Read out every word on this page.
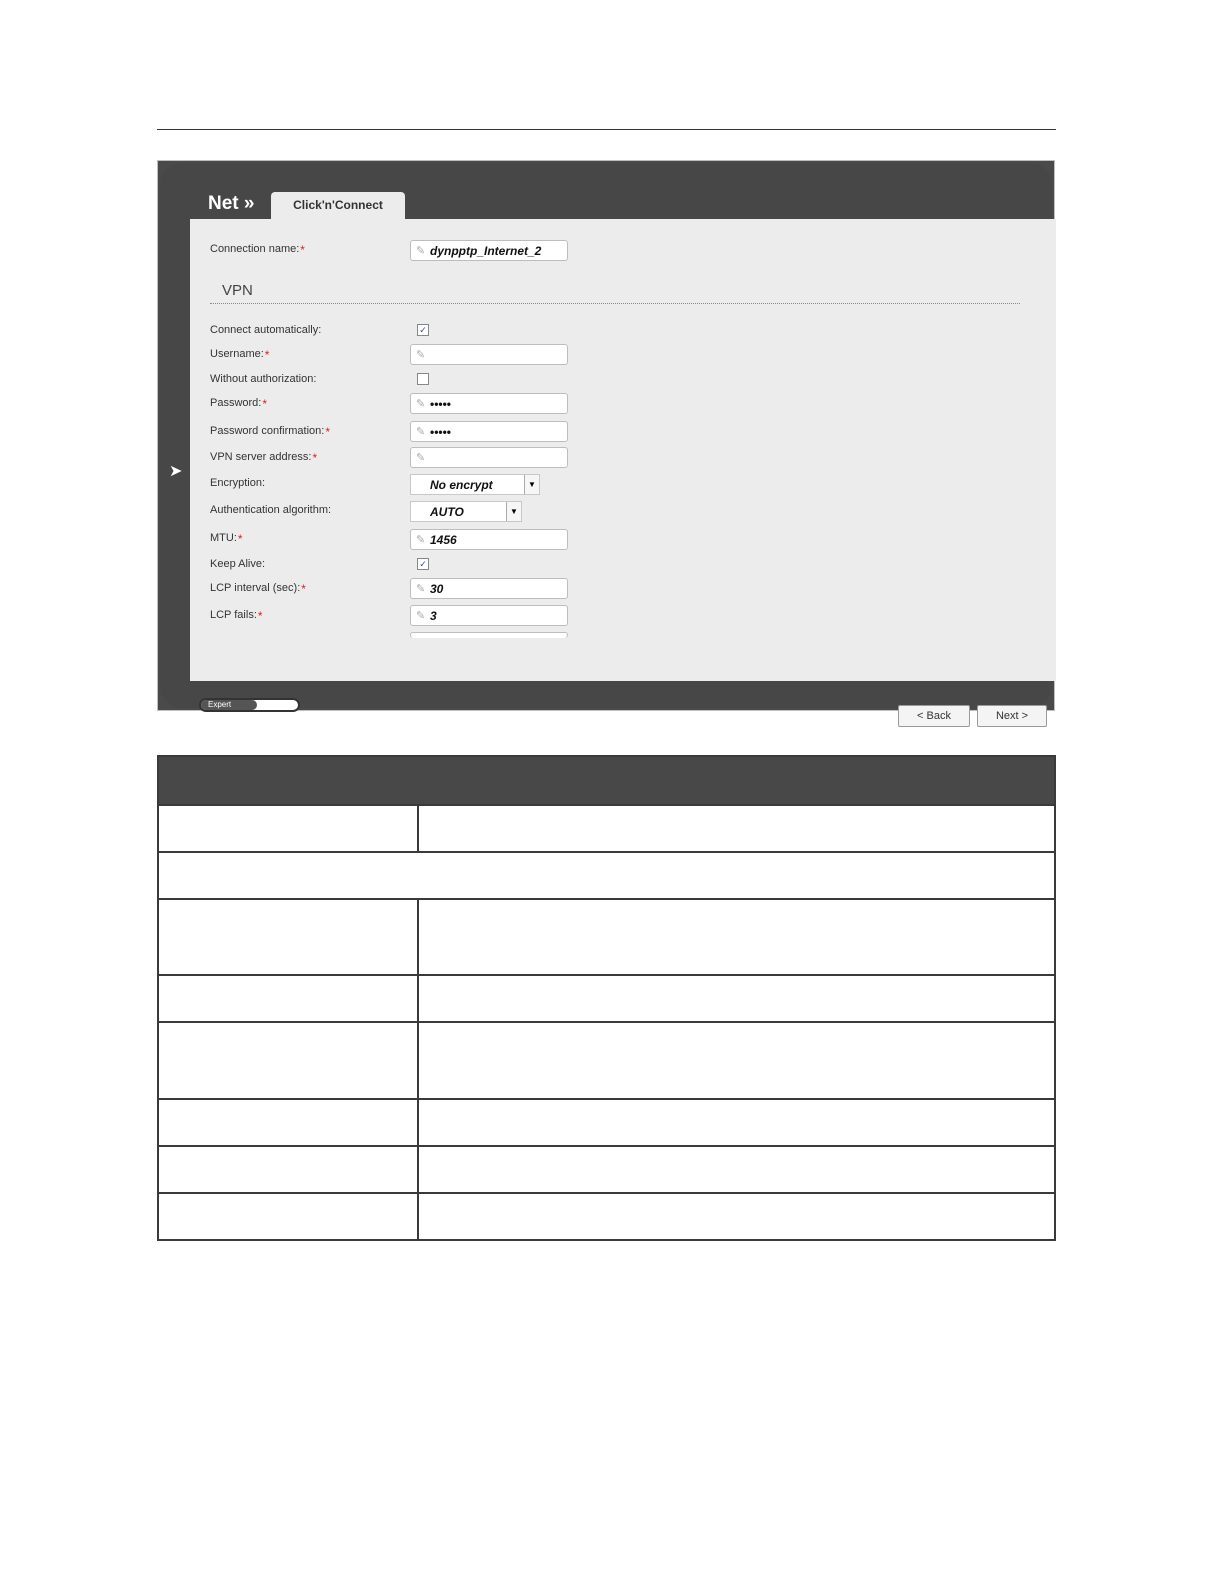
Net »	Click'n'Connect
➤
Connection name:*	✎ dynpptp_Internet_2
VPN
Connect automatically:	✓
Username:*	✎
Without authorization:
Password:*	✎ •••••
Password confirmation:*	✎ •••••
VPN server address:*	✎
Encryption:	No encrypt	▼
Authentication algorithm:	AUTO	▼
MTU:*	✎ 1456
Keep Alive:	✓
LCP interval (sec):*	✎ 30
LCP fails:*	✎ 3
Expert
< Back	Next >
